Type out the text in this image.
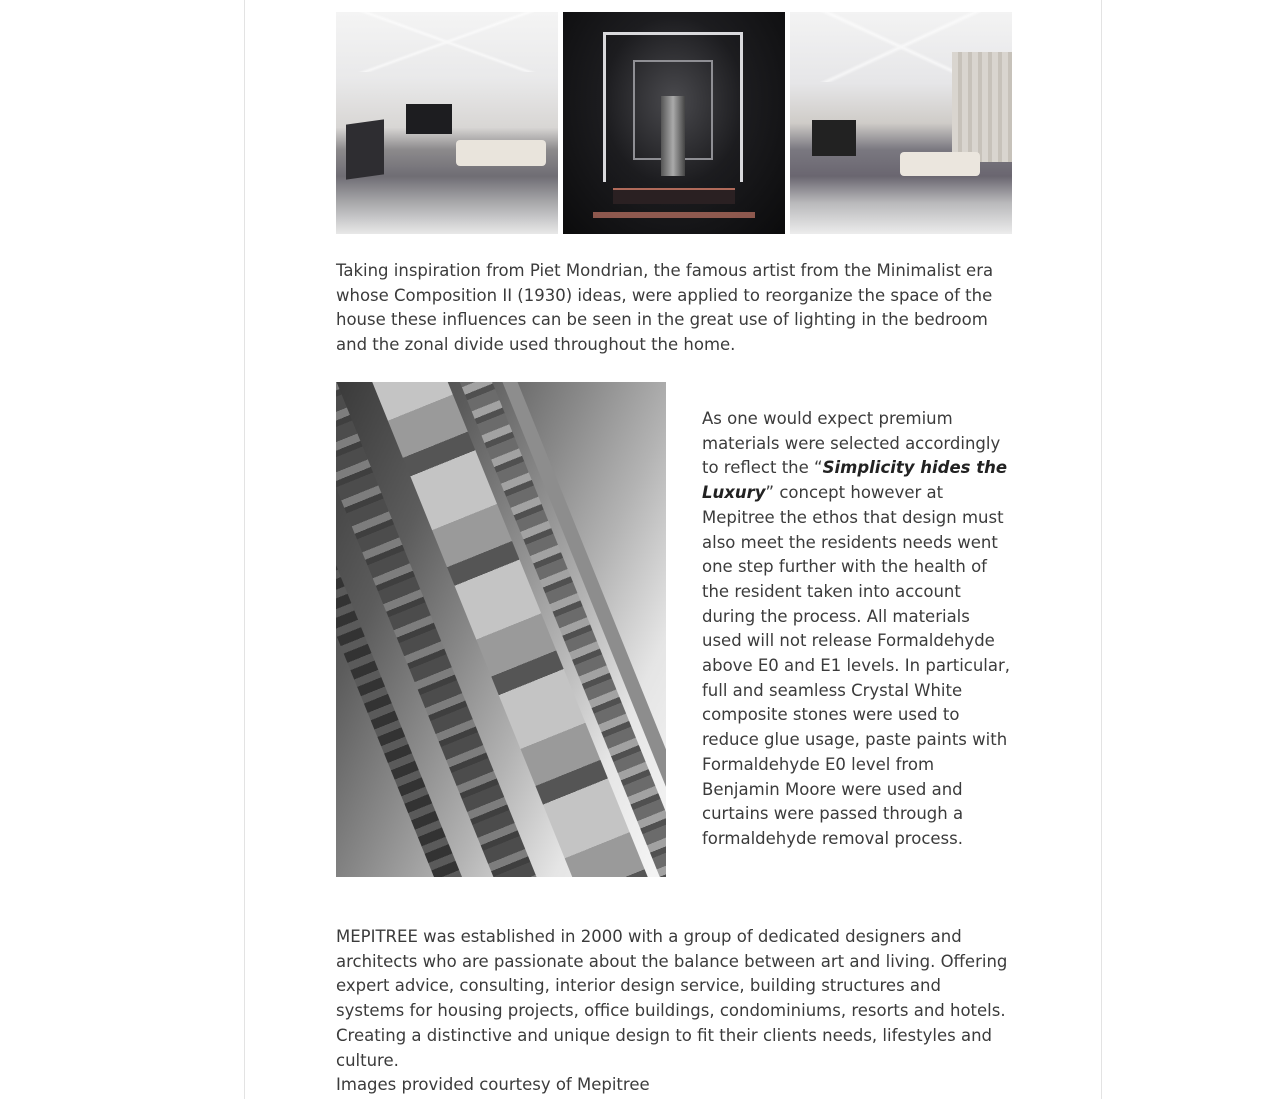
Taking inspiration from Piet Mondrian, the famous artist from the Minimalist era whose Composition II (1930) ideas, were applied to reorganize the space of the house these influences can be seen in the great use of lighting in the bedroom and the zonal divide used throughout the home.

As one would expect premium materials were selected accordingly to reflect the “Simplicity hides the Luxury” concept however at Mepitree the ethos that design must also meet the residents needs went one step further with the health of the resident taken into account during the process. All materials used will not release Formaldehyde above E0 and E1 levels. In particular, full and seamless Crystal White composite stones were used to reduce glue usage, paste paints with Formaldehyde E0 level from Benjamin Moore were used and curtains were passed through a formaldehyde removal process.

MEPITREE was established in 2000 with a group of dedicated designers and architects who are passionate about the balance between art and living. Offering expert advice, consulting, interior design service, building structures and systems for housing projects, office buildings, condominiums, resorts and hotels. Creating a distinctive and unique design to fit their clients needs, lifestyles and culture.

Images provided courtesy of Mepitree
